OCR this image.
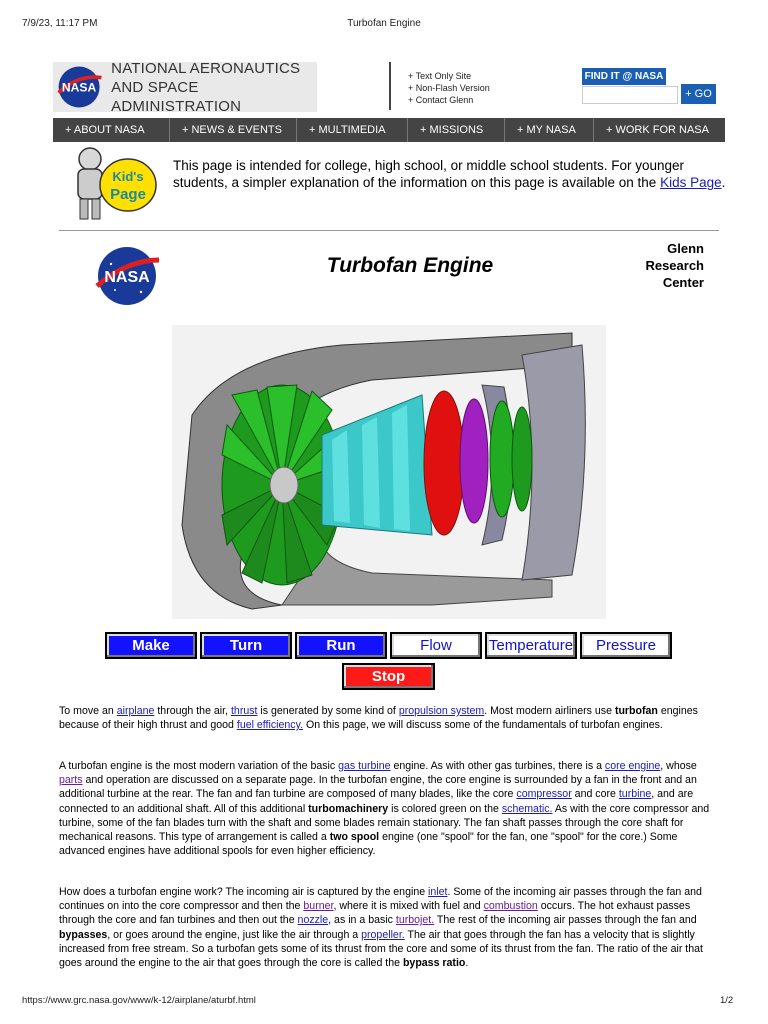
7/9/23, 11:17 PM	Turbofan Engine
NASA
NATIONAL AERONAUTICS
AND SPACE ADMINISTRATION
+ Text Only Site
+ Non-Flash Version
+ Contact Glenn
FIND IT @ NASA
+ GO
+ ABOUT NASA	+ NEWS & EVENTS	+ MULTIMEDIA	+ MISSIONS	+ MY NASA	+ WORK FOR NASA
Kid's
Page
This page is intended for college, high school, or middle school students. For younger students, a simpler explanation of the information on this page is available on the Kids Page.
NASA
Turbofan Engine
Glenn
Research
Center
Make	Turn	Run	Flow	Temperature	Pressure
Stop
To move an airplane through the air, thrust is generated by some kind of propulsion system. Most modern airliners use turbofan engines because of their high thrust and good fuel efficiency. On this page, we will discuss some of the fundamentals of turbofan engines.
A turbofan engine is the most modern variation of the basic gas turbine engine. As with other gas turbines, there is a core engine, whose parts and operation are discussed on a separate page. In the turbofan engine, the core engine is surrounded by a fan in the front and an additional turbine at the rear. The fan and fan turbine are composed of many blades, like the core compressor and core turbine, and are connected to an additional shaft. All of this additional turbomachinery is colored green on the schematic. As with the core compressor and turbine, some of the fan blades turn with the shaft and some blades remain stationary. The fan shaft passes through the core shaft for mechanical reasons. This type of arrangement is called a two spool engine (one "spool" for the fan, one "spool" for the core.) Some advanced engines have additional spools for even higher efficiency.
How does a turbofan engine work? The incoming air is captured by the engine inlet. Some of the incoming air passes through the fan and continues on into the core compressor and then the burner, where it is mixed with fuel and combustion occurs. The hot exhaust passes through the core and fan turbines and then out the nozzle, as in a basic turbojet. The rest of the incoming air passes through the fan and bypasses, or goes around the engine, just like the air through a propeller. The air that goes through the fan has a velocity that is slightly increased from free stream. So a turbofan gets some of its thrust from the core and some of its thrust from the fan. The ratio of the air that goes around the engine to the air that goes through the core is called the bypass ratio.
https://www.grc.nasa.gov/www/k-12/airplane/aturbf.html	1/2
